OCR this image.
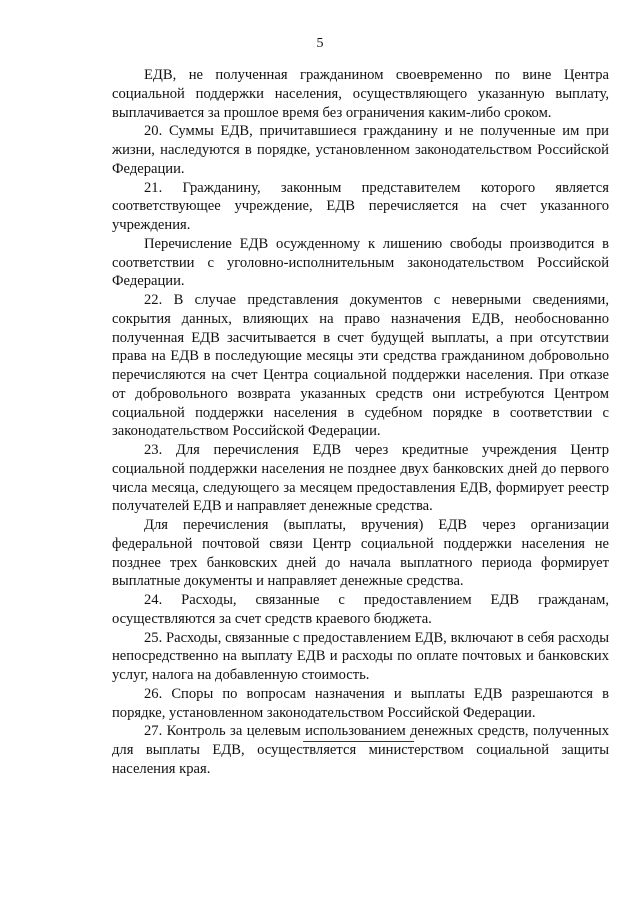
5

ЕДВ, не полученная гражданином своевременно по вине Центра социальной поддержки населения, осуществляющего указанную выплату, выплачивается за прошлое время без ограничения каким-либо сроком.

20. Суммы ЕДВ, причитавшиеся гражданину и не полученные им при жизни, наследуются в порядке, установленном законодательством Российской Федерации.

21. Гражданину, законным представителем которого является соответствующее учреждение, ЕДВ перечисляется на счет указанного учреждения.

Перечисление ЕДВ осужденному к лишению свободы производится в соответствии с уголовно-исполнительным законодательством Российской Федерации.

22. В случае представления документов с неверными сведениями, сокрытия данных, влияющих на право назначения ЕДВ, необоснованно полученная ЕДВ засчитывается в счет будущей выплаты, а при отсутствии права на ЕДВ в последующие месяцы эти средства гражданином добровольно перечисляются на счет Центра социальной поддержки населения. При отказе от добровольного возврата указанных средств они истребуются Центром социальной поддержки населения в судебном порядке в соответствии с законодательством Российской Федерации.

23. Для перечисления ЕДВ через кредитные учреждения Центр социальной поддержки населения не позднее двух банковских дней до первого числа месяца, следующего за месяцем предоставления ЕДВ, формирует реестр получателей ЕДВ и направляет денежные средства.

Для перечисления (выплаты, вручения) ЕДВ через организации федеральной почтовой связи Центр социальной поддержки населения не позднее трех банковских дней до начала выплатного периода формирует выплатные документы и направляет денежные средства.

24. Расходы, связанные с предоставлением ЕДВ гражданам, осуществляются за счет средств краевого бюджета.

25. Расходы, связанные с предоставлением ЕДВ, включают в себя расходы непосредственно на выплату ЕДВ и расходы по оплате почтовых и банковских услуг, налога на добавленную стоимость.

26. Споры по вопросам назначения и выплаты ЕДВ разрешаются в порядке, установленном законодательством Российской Федерации.

27. Контроль за целевым использованием денежных средств, полученных для выплаты ЕДВ, осуществляется министерством социальной защиты населения края.
